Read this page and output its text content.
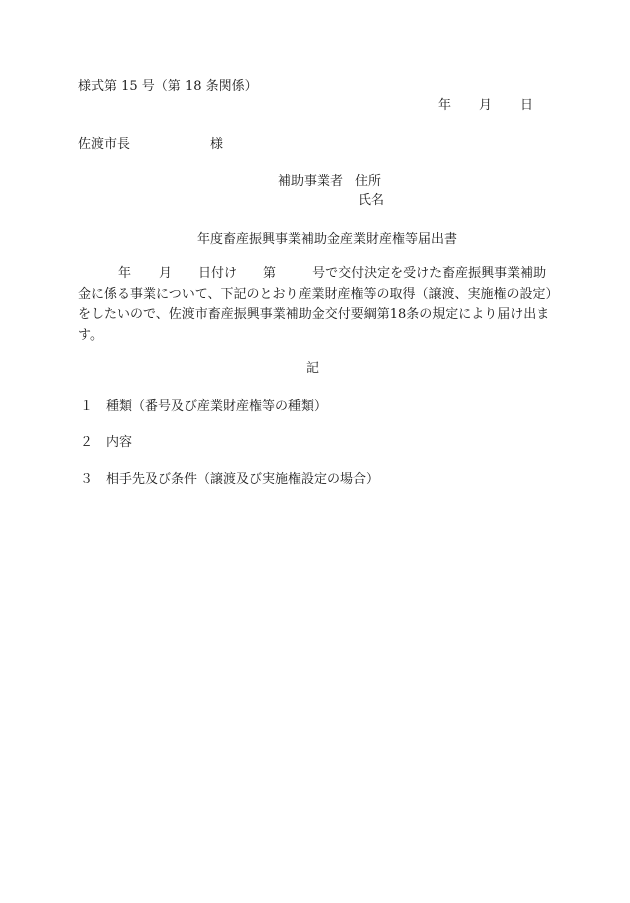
様式第 15 号（第 18 条関係）
年 月 日
佐渡市長	様
補助事業者 住所
氏名
年度畜産振興事業補助金産業財産権等届出書
年 月 日付け 第	号で交付決定を受けた畜産振興事業補助金に係る事業について、下記のとおり産業財産権等の取得（譲渡、実施権の設定）をしたいので、佐渡市畜産振興事業補助金交付要綱第18条の規定により届け出ます。
記
１ 種類（番号及び産業財産権等の種類）
２ 内容
３ 相手先及び条件（譲渡及び実施権設定の場合）
